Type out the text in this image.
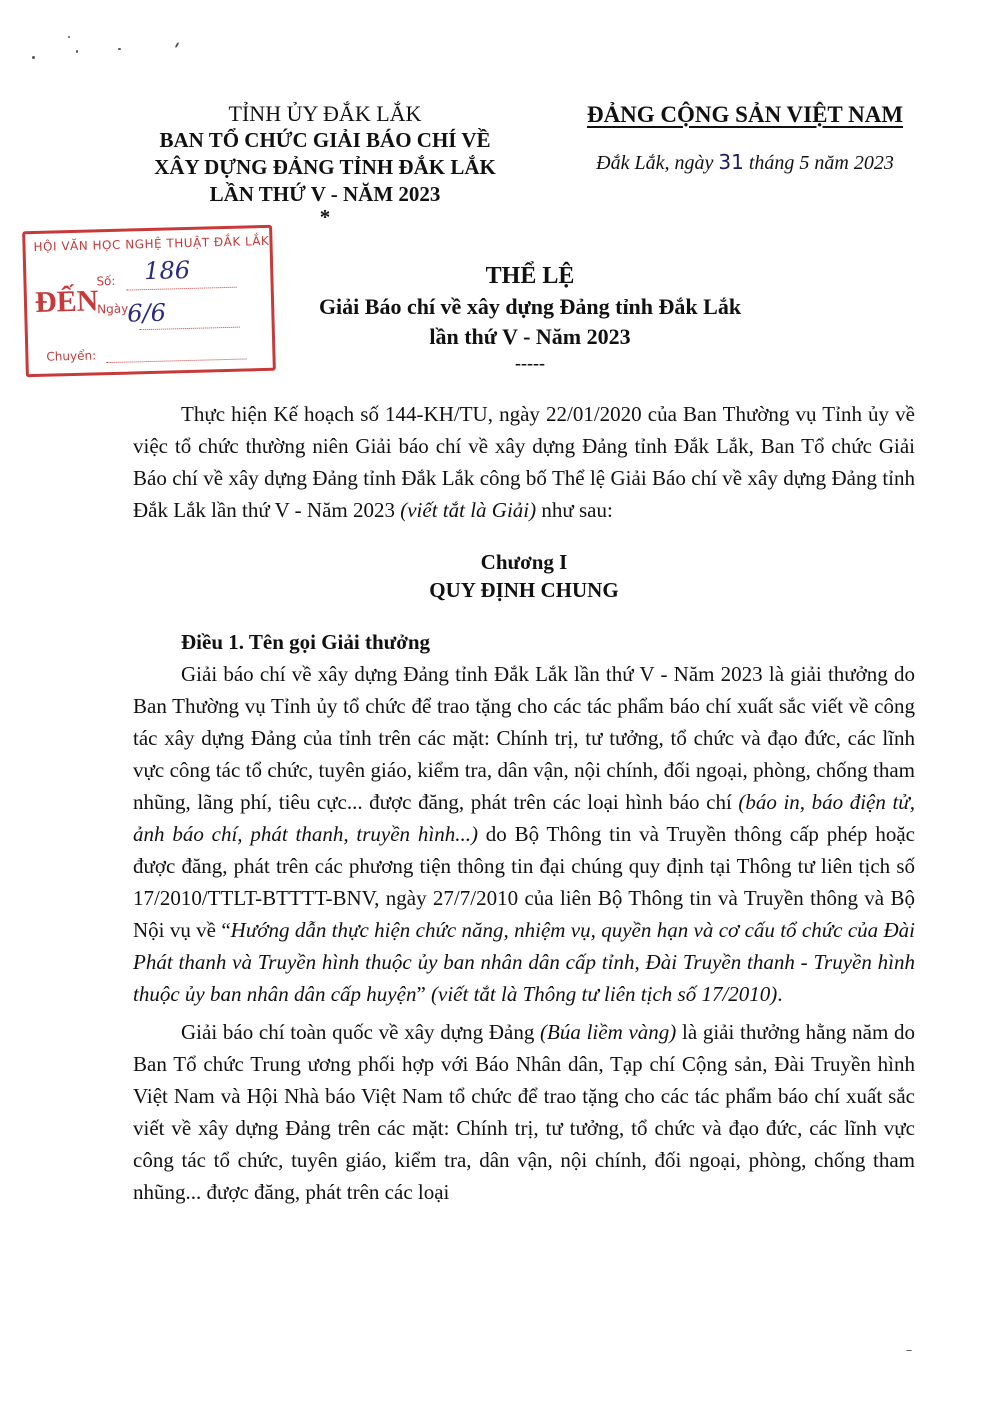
TỈNH ỦY ĐẮK LẮK
BAN TỔ CHỨC GIẢI BÁO CHÍ VỀ
XÂY DỰNG ĐẢNG TỈNH ĐẮK LẮK
LẦN THỨ V - NĂM 2023
*
ĐẢNG CỘNG SẢN VIỆT NAM
Đắk Lắk, ngày 31 tháng 5 năm 2023
HỘI VĂN HỌC NGHỆ THUẬT ĐẮK LẮK
ĐẾN
Số: 186
Ngày
6/6
Chuyển:
THỂ LỆ
Giải Báo chí về xây dựng Đảng tỉnh Đắk Lắk
lần thứ V - Năm 2023
-----

Thực hiện Kế hoạch số 144-KH/TU, ngày 22/01/2020 của Ban Thường vụ Tỉnh ủy về việc tổ chức thường niên Giải báo chí về xây dựng Đảng tỉnh Đắk Lắk, Ban Tổ chức Giải Báo chí về xây dựng Đảng tỉnh Đắk Lắk công bố Thể lệ Giải Báo chí về xây dựng Đảng tỉnh Đắk Lắk lần thứ V - Năm 2023 (viết tắt là Giải) như sau:

Chương I

QUY ĐỊNH CHUNG

Điều 1. Tên gọi Giải thưởng

Giải báo chí về xây dựng Đảng tỉnh Đắk Lắk lần thứ V - Năm 2023 là giải thưởng do Ban Thường vụ Tỉnh ủy tổ chức để trao tặng cho các tác phẩm báo chí xuất sắc viết về công tác xây dựng Đảng của tỉnh trên các mặt: Chính trị, tư tưởng, tổ chức và đạo đức, các lĩnh vực công tác tổ chức, tuyên giáo, kiểm tra, dân vận, nội chính, đối ngoại, phòng, chống tham nhũng, lãng phí, tiêu cực... được đăng, phát trên các loại hình báo chí (báo in, báo điện tử, ảnh báo chí, phát thanh, truyền hình...) do Bộ Thông tin và Truyền thông cấp phép hoặc được đăng, phát trên các phương tiện thông tin đại chúng quy định tại Thông tư liên tịch số 17/2010/TTLT-BTTTT-BNV, ngày 27/7/2010 của liên Bộ Thông tin và Truyền thông và Bộ Nội vụ về “Hướng dẫn thực hiện chức năng, nhiệm vụ, quyền hạn và cơ cấu tổ chức của Đài Phát thanh và Truyền hình thuộc ủy ban nhân dân cấp tỉnh, Đài Truyền thanh - Truyền hình thuộc ủy ban nhân dân cấp huyện” (viết tắt là Thông tư liên tịch số 17/2010).

Giải báo chí toàn quốc về xây dựng Đảng (Búa liềm vàng) là giải thưởng hằng năm do Ban Tổ chức Trung ương phối hợp với Báo Nhân dân, Tạp chí Cộng sản, Đài Truyền hình Việt Nam và Hội Nhà báo Việt Nam tổ chức để trao tặng cho các tác phẩm báo chí xuất sắc viết về xây dựng Đảng trên các mặt: Chính trị, tư tưởng, tổ chức và đạo đức, các lĩnh vực công tác tổ chức, tuyên giáo, kiểm tra, dân vận, nội chính, đối ngoại, phòng, chống tham nhũng... được đăng, phát trên các loại
